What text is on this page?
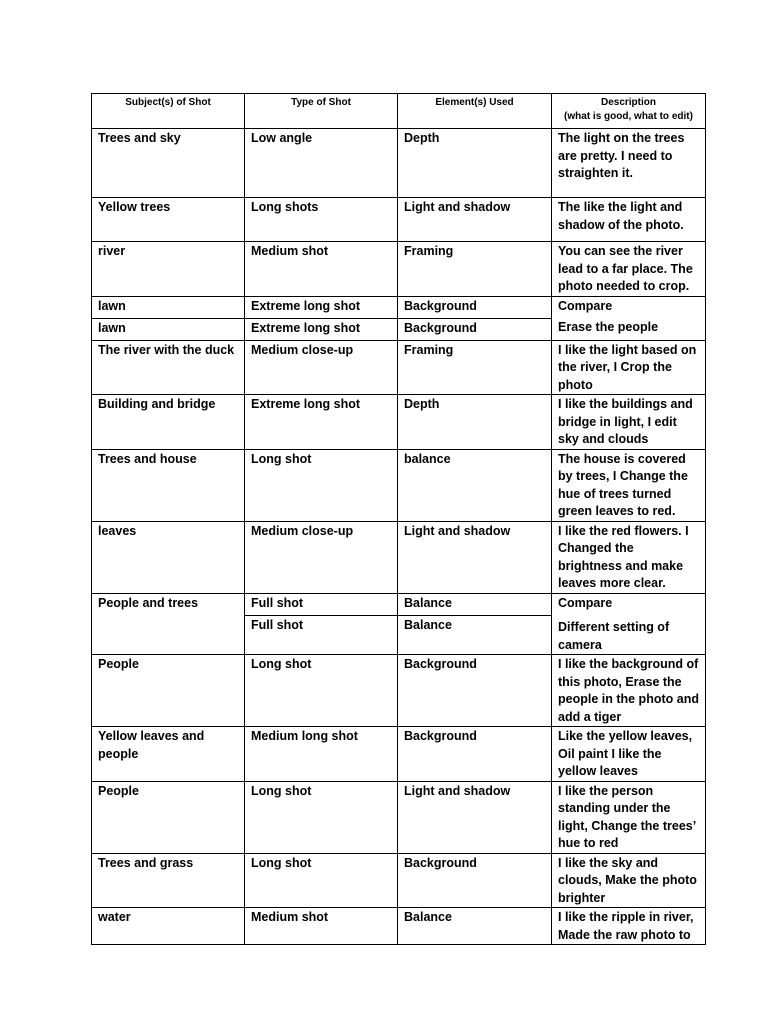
Subject(s) of Shot	Type of Shot	Element(s) Used	Description
(what is good, what to edit)

Trees and sky	Low angle	Depth	The light on the trees are pretty. I need to straighten it.
Yellow trees	Long shots	Light and shadow	The like the light and shadow of the photo.
river	Medium shot	Framing	You can see the river lead to a far place. The photo needed to crop.
lawn	Extreme long shot	Background	Compare
lawn	Extreme long shot	Background	Erase the people
The river with the duck	Medium close-up	Framing	I like the light based on the river, I Crop the photo
Building and bridge	Extreme long shot	Depth	I like the buildings and bridge in light, I edit sky and clouds
Trees and house	Long shot	balance	The house is covered by trees, I Change the hue of trees turned green leaves to red.
leaves	Medium close-up	Light and shadow	I like the red flowers. I Changed the brightness and make leaves more clear.
People and trees	Full shot	Balance	Compare
	Full shot	Balance	Different setting of camera
People	Long shot	Background	I like the background of this photo, Erase the people in the photo and add a tiger
Yellow leaves and people	Medium long shot	Background	Like the yellow leaves, Oil paint I like the yellow leaves
People	Long shot	Light and shadow	I like the person standing under the light, Change the trees’ hue to red
Trees and grass	Long shot	Background	I like the sky and clouds, Make the photo brighter
water	Medium shot	Balance	I like the ripple in river, Made the raw photo to
